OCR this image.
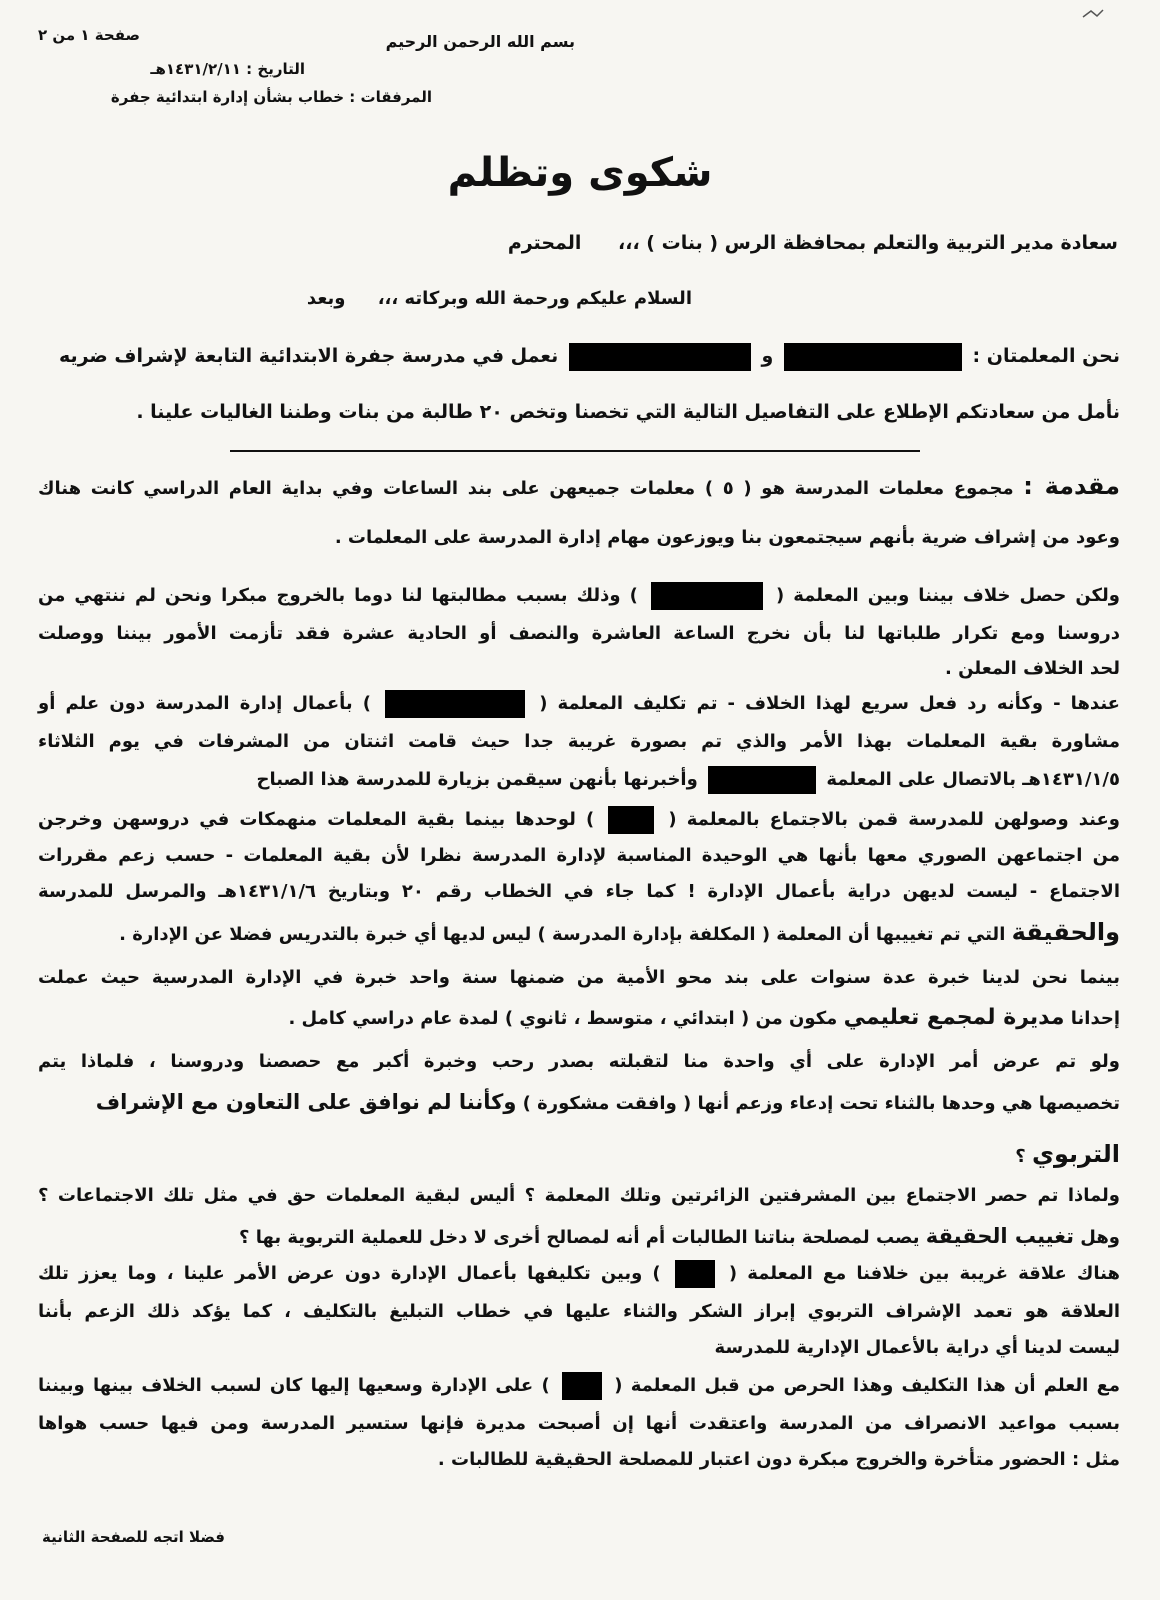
بسم الله الرحمن الرحيم
صفحة ١ من ٢
التاريخ : ١٤٣١/٢/١١هـ
المرفقات : خطاب بشأن إدارة ابتدائية جفرة
شكوى وتظلم
سعادة مدير التربية والتعلم بمحافظة الرس ( بنات ) ،،، المحترم
السلام عليكم ورحمة الله وبركاته ،،، وبعد
نحن المعلمتان :  و  نعمل في مدرسة جفرة الابتدائية التابعة لإشراف ضريه
نأمل من سعادتكم الإطلاع على التفاصيل التالية التي تخصنا وتخص ٢٠ طالبة من بنات وطننا الغاليات علينا .
مقدمة : مجموع معلمات المدرسة هو ( ٥ ) معلمات جميعهن على بند الساعات وفي بداية العام الدراسي كانت هناك
وعود من إشراف ضرية بأنهم سيجتمعون بنا ويوزعون مهام إدارة المدرسة على المعلمات .
ولكن حصل خلاف بيننا وبين المعلمة (  ) وذلك بسبب مطالبتها لنا دوما بالخروج مبكرا ونحن لم ننتهي من
دروسنا ومع تكرار طلباتها لنا بأن نخرج الساعة العاشرة والنصف أو الحادية عشرة فقد تأزمت الأمور بيننا ووصلت
لحد الخلاف المعلن .
عندها - وكأنه رد فعل سريع لهذا الخلاف - تم تكليف المعلمة (  ) بأعمال إدارة المدرسة دون علم أو
مشاورة بقية المعلمات بهذا الأمر والذي تم بصورة غريبة جدا حيث قامت اثنتان من المشرفات في يوم الثلاثاء
١٤٣١/١/٥هـ بالاتصال على المعلمة  وأخبرنها بأنهن سيقمن بزيارة للمدرسة هذا الصباح
وعند وصولهن للمدرسة قمن بالاجتماع بالمعلمة (  ) لوحدها بينما بقية المعلمات منهمكات في دروسهن وخرجن
من اجتماعهن الصوري معها بأنها هي الوحيدة المناسبة لإدارة المدرسة نظرا لأن بقية المعلمات - حسب زعم مقررات
الاجتماع - ليست لديهن دراية بأعمال الإدارة ! كما جاء في الخطاب رقم ٢٠ وبتاريخ ١٤٣١/١/٦هـ والمرسل للمدرسة
والحقيقة التي تم تغييبها أن المعلمة ( المكلفة بإدارة المدرسة ) ليس لديها أي خبرة بالتدريس فضلا عن الإدارة .
بينما نحن لدينا خبرة عدة سنوات على بند محو الأمية من ضمنها سنة واحد خبرة في الإدارة المدرسية حيث عملت
إحدانا مديرة لمجمع تعليمي مكون من ( ابتدائي ، متوسط ، ثانوي ) لمدة عام دراسي كامل .
ولو تم عرض أمر الإدارة على أي واحدة منا لتقبلته بصدر رحب وخبرة أكبر مع حصصنا ودروسنا ، فلماذا يتم
تخصيصها هي وحدها بالثناء تحت إدعاء وزعم أنها ( وافقت مشكورة ) وكأننا لم نوافق على التعاون مع الإشراف
التربوي ؟
ولماذا تم حصر الاجتماع بين المشرفتين الزائرتين وتلك المعلمة ؟ أليس لبقية المعلمات حق في مثل تلك الاجتماعات ؟
وهل تغييب الحقيقة يصب لمصلحة بناتنا الطالبات أم أنه لمصالح أخرى لا دخل للعملية التربوية بها ؟
هناك علاقة غريبة بين خلافنا مع المعلمة (  ) وبين تكليفها بأعمال الإدارة دون عرض الأمر علينا ، وما يعزز تلك
العلاقة هو تعمد الإشراف التربوي إبراز الشكر والثناء عليها في خطاب التبليغ بالتكليف ، كما يؤكد ذلك الزعم بأننا
ليست لدينا أي دراية بالأعمال الإدارية للمدرسة
مع العلم أن هذا التكليف وهذا الحرص من قبل المعلمة (  ) على الإدارة وسعيها إليها كان لسبب الخلاف بينها وبيننا
بسبب مواعيد الانصراف من المدرسة واعتقدت أنها إن أصبحت مديرة فإنها ستسير المدرسة ومن فيها حسب هواها
مثل : الحضور متأخرة والخروج مبكرة دون اعتبار للمصلحة الحقيقية للطالبات .
فضلا اتجه للصفحة الثانية
